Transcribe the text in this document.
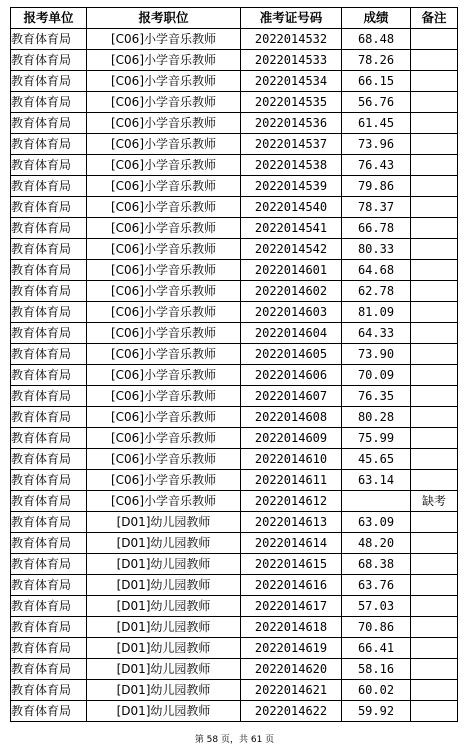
报考单位	报考职位	准考证号码	成绩	备注
教育体育局	[C06]小学音乐教师	2022014532	68.48	
教育体育局	[C06]小学音乐教师	2022014533	78.26	
教育体育局	[C06]小学音乐教师	2022014534	66.15	
教育体育局	[C06]小学音乐教师	2022014535	56.76	
教育体育局	[C06]小学音乐教师	2022014536	61.45	
教育体育局	[C06]小学音乐教师	2022014537	73.96	
教育体育局	[C06]小学音乐教师	2022014538	76.43	
教育体育局	[C06]小学音乐教师	2022014539	79.86	
教育体育局	[C06]小学音乐教师	2022014540	78.37	
教育体育局	[C06]小学音乐教师	2022014541	66.78	
教育体育局	[C06]小学音乐教师	2022014542	80.33	
教育体育局	[C06]小学音乐教师	2022014601	64.68	
教育体育局	[C06]小学音乐教师	2022014602	62.78	
教育体育局	[C06]小学音乐教师	2022014603	81.09	
教育体育局	[C06]小学音乐教师	2022014604	64.33	
教育体育局	[C06]小学音乐教师	2022014605	73.90	
教育体育局	[C06]小学音乐教师	2022014606	70.09	
教育体育局	[C06]小学音乐教师	2022014607	76.35	
教育体育局	[C06]小学音乐教师	2022014608	80.28	
教育体育局	[C06]小学音乐教师	2022014609	75.99	
教育体育局	[C06]小学音乐教师	2022014610	45.65	
教育体育局	[C06]小学音乐教师	2022014611	63.14	
教育体育局	[C06]小学音乐教师	2022014612		缺考
教育体育局	[D01]幼儿园教师	2022014613	63.09	
教育体育局	[D01]幼儿园教师	2022014614	48.20	
教育体育局	[D01]幼儿园教师	2022014615	68.38	
教育体育局	[D01]幼儿园教师	2022014616	63.76	
教育体育局	[D01]幼儿园教师	2022014617	57.03	
教育体育局	[D01]幼儿园教师	2022014618	70.86	
教育体育局	[D01]幼儿园教师	2022014619	66.41	
教育体育局	[D01]幼儿园教师	2022014620	58.16	
教育体育局	[D01]幼儿园教师	2022014621	60.02	
教育体育局	[D01]幼儿园教师	2022014622	59.92	
第 58 页，共 61 页
